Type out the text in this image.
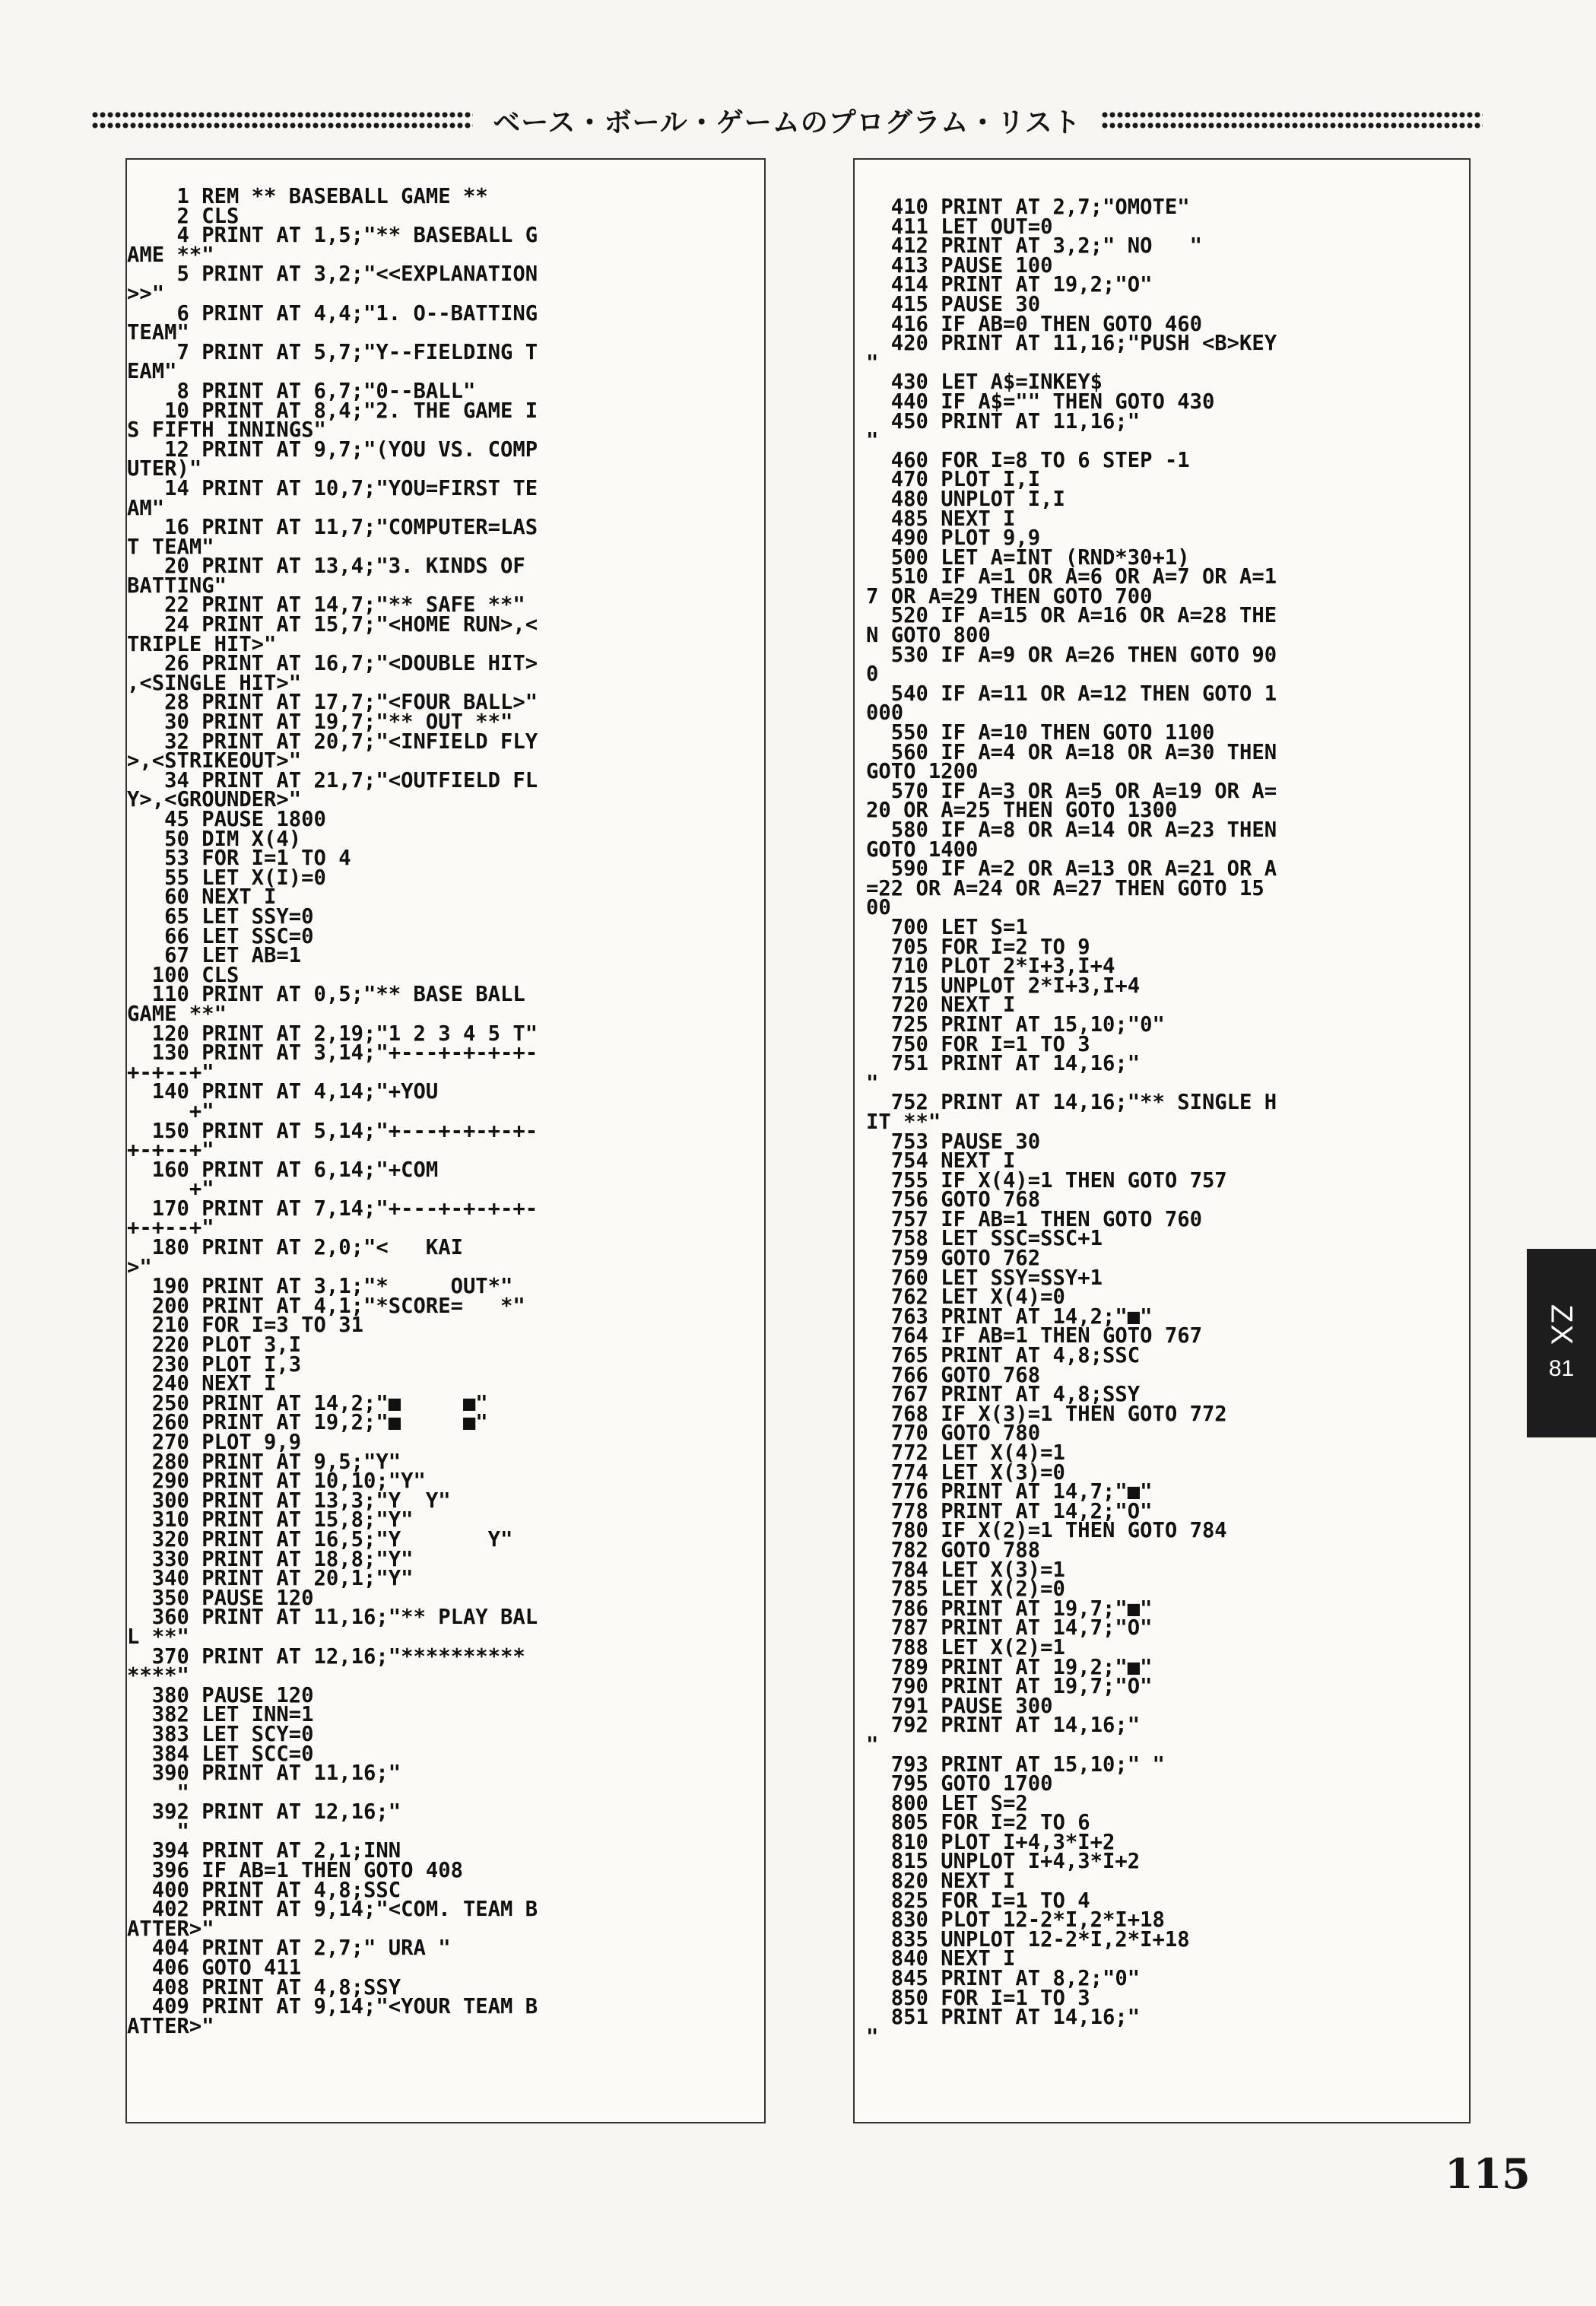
ベース・ボール・ゲームのプログラム・リスト
1 REM ** BASEBALL GAME **
2 CLS
4 PRINT AT 1,5;"** BASEBALL G
AME **"
5 PRINT AT 3,2;"<<EXPLANATION
>>"
6 PRINT AT 4,4;"1. O--BATTING
TEAM"
7 PRINT AT 5,7;"Y--FIELDING T
EAM"
8 PRINT AT 6,7;"0--BALL"
10 PRINT AT 8,4;"2. THE GAME I
S FIFTH INNINGS"
12 PRINT AT 9,7;"(YOU VS. COMP
UTER)"
14 PRINT AT 10,7;"YOU=FIRST TE
AM"
16 PRINT AT 11,7;"COMPUTER=LAS
T TEAM"
20 PRINT AT 13,4;"3. KINDS OF
BATTING"
22 PRINT AT 14,7;"** SAFE **"
24 PRINT AT 15,7;"<HOME RUN>,<
TRIPLE HIT>"
26 PRINT AT 16,7;"<DOUBLE HIT>
,<SINGLE HIT>"
28 PRINT AT 17,7;"<FOUR BALL>"
30 PRINT AT 19,7;"** OUT **"
32 PRINT AT 20,7;"<INFIELD FLY
>,<STRIKEOUT>"
34 PRINT AT 21,7;"<OUTFIELD FL
Y>,<GROUNDER>"
45 PAUSE 1800
50 DIM X(4)
53 FOR I=1 TO 4
55 LET X(I)=0
60 NEXT I
65 LET SSY=0
66 LET SSC=0
67 LET AB=1
100 CLS
110 PRINT AT 0,5;"** BASE BALL
GAME **"
120 PRINT AT 2,19;"1 2 3 4 5 T"
130 PRINT AT 3,14;"+---+-+-+-+-
+-+--+"
140 PRINT AT 4,14;"+YOU
+"
150 PRINT AT 5,14;"+---+-+-+-+-
+-+--+"
160 PRINT AT 6,14;"+COM
+"
170 PRINT AT 7,14;"+---+-+-+-+-
+-+--+"
180 PRINT AT 2,0;"<   KAI
>"
190 PRINT AT 3,1;"*     OUT*"
200 PRINT AT 4,1;"*SCORE=   *"
210 FOR I=3 TO 31
220 PLOT 3,I
230 PLOT I,3
240 NEXT I
250 PRINT AT 14,2;"■     ■"
260 PRINT AT 19,2;"■     ■"
270 PLOT 9,9
280 PRINT AT 9,5;"Y"
290 PRINT AT 10,10;"Y"
300 PRINT AT 13,3;"Y  Y"
310 PRINT AT 15,8;"Y"
320 PRINT AT 16,5;"Y       Y"
330 PRINT AT 18,8;"Y"
340 PRINT AT 20,1;"Y"
350 PAUSE 120
360 PRINT AT 11,16;"** PLAY BAL
L **"
370 PRINT AT 12,16;"**********
****"
380 PAUSE 120
382 LET INN=1
383 LET SCY=0
384 LET SCC=0
390 PRINT AT 11,16;"
"
392 PRINT AT 12,16;"
"
394 PRINT AT 2,1;INN
396 IF AB=1 THEN GOTO 408
400 PRINT AT 4,8;SSC
402 PRINT AT 9,14;"<COM. TEAM B
ATTER>"
404 PRINT AT 2,7;" URA "
406 GOTO 411
408 PRINT AT 4,8;SSY
409 PRINT AT 9,14;"<YOUR TEAM B
ATTER>"
410 PRINT AT 2,7;"OMOTE"
411 LET OUT=0
412 PRINT AT 3,2;" NO   "
413 PAUSE 100
414 PRINT AT 19,2;"O"
415 PAUSE 30
416 IF AB=0 THEN GOTO 460
420 PRINT AT 11,16;"PUSH <B>KEY
"
430 LET A$=INKEY$
440 IF A$="" THEN GOTO 430
450 PRINT AT 11,16;"
"
460 FOR I=8 TO 6 STEP -1
470 PLOT I,I
480 UNPLOT I,I
485 NEXT I
490 PLOT 9,9
500 LET A=INT (RND*30+1)
510 IF A=1 OR A=6 OR A=7 OR A=1
7 OR A=29 THEN GOTO 700
520 IF A=15 OR A=16 OR A=28 THE
N GOTO 800
530 IF A=9 OR A=26 THEN GOTO 90
0
540 IF A=11 OR A=12 THEN GOTO 1
000
550 IF A=10 THEN GOTO 1100
560 IF A=4 OR A=18 OR A=30 THEN
GOTO 1200
570 IF A=3 OR A=5 OR A=19 OR A=
20 OR A=25 THEN GOTO 1300
580 IF A=8 OR A=14 OR A=23 THEN
GOTO 1400
590 IF A=2 OR A=13 OR A=21 OR A
=22 OR A=24 OR A=27 THEN GOTO 15
00
700 LET S=1
705 FOR I=2 TO 9
710 PLOT 2*I+3,I+4
715 UNPLOT 2*I+3,I+4
720 NEXT I
725 PRINT AT 15,10;"0"
750 FOR I=1 TO 3
751 PRINT AT 14,16;"
"
752 PRINT AT 14,16;"** SINGLE H
IT **"
753 PAUSE 30
754 NEXT I
755 IF X(4)=1 THEN GOTO 757
756 GOTO 768
757 IF AB=1 THEN GOTO 760
758 LET SSC=SSC+1
759 GOTO 762
760 LET SSY=SSY+1
762 LET X(4)=0
763 PRINT AT 14,2;"■"
764 IF AB=1 THEN GOTO 767
765 PRINT AT 4,8;SSC
766 GOTO 768
767 PRINT AT 4,8;SSY
768 IF X(3)=1 THEN GOTO 772
770 GOTO 780
772 LET X(4)=1
774 LET X(3)=0
776 PRINT AT 14,7;"■"
778 PRINT AT 14,2;"O"
780 IF X(2)=1 THEN GOTO 784
782 GOTO 788
784 LET X(3)=1
785 LET X(2)=0
786 PRINT AT 19,7;"■"
787 PRINT AT 14,7;"O"
788 LET X(2)=1
789 PRINT AT 19,2;"■"
790 PRINT AT 19,7;"O"
791 PAUSE 300
792 PRINT AT 14,16;"
"
793 PRINT AT 15,10;" "
795 GOTO 1700
800 LET S=2
805 FOR I=2 TO 6
810 PLOT I+4,3*I+2
815 UNPLOT I+4,3*I+2
820 NEXT I
825 FOR I=1 TO 4
830 PLOT 12-2*I,2*I+18
835 UNPLOT 12-2*I,2*I+18
840 NEXT I
845 PRINT AT 8,2;"0"
850 FOR I=1 TO 3
851 PRINT AT 14,16;"
"
ZX
81
115
